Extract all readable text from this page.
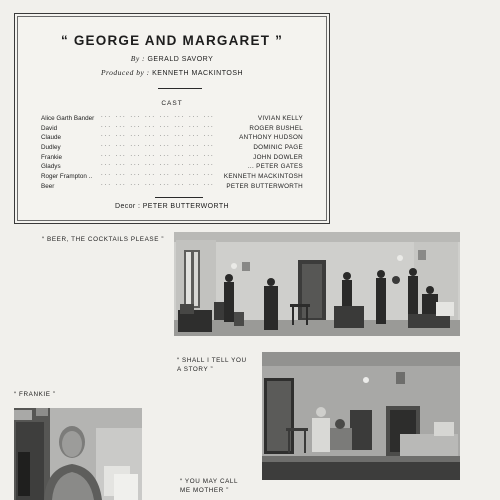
“ GEORGE AND MARGARET ”
By : GERALD SAVORY
Produced by : KENNETH MACKINTOSH
CAST
Alice Garth Bander ... ... ... ... ... ... ... ...	VIVIAN KELLY
David	... ... ... ... ... ... ... ...	ROGER BUSHEL
Claude	... ... ... ... ... ... ... ...	ANTHONY HUDSON
Dudley	... ... ... ... ... ... ... ...	DOMINIC PAGE
Frankie	... ... ... ... ... ... ... ...	JOHN DOWLER
Gladys	... ... ... ... ... ... ... ...	... PETER GATES
Roger Frampton .. ... ... ... ... ... ... ... ...	KENNETH MACKINTOSH
Beer	... ... ... ... ... ... ... ...	PETER BUTTERWORTH
Decor : PETER BUTTERWORTH
“ BEER, THE COCKTAILS PLEASE ”
“ SHALL I TELL YOU
A STORY ”
“ FRANKIE ”
“ YOU MAY CALL
ME MOTHER ”
